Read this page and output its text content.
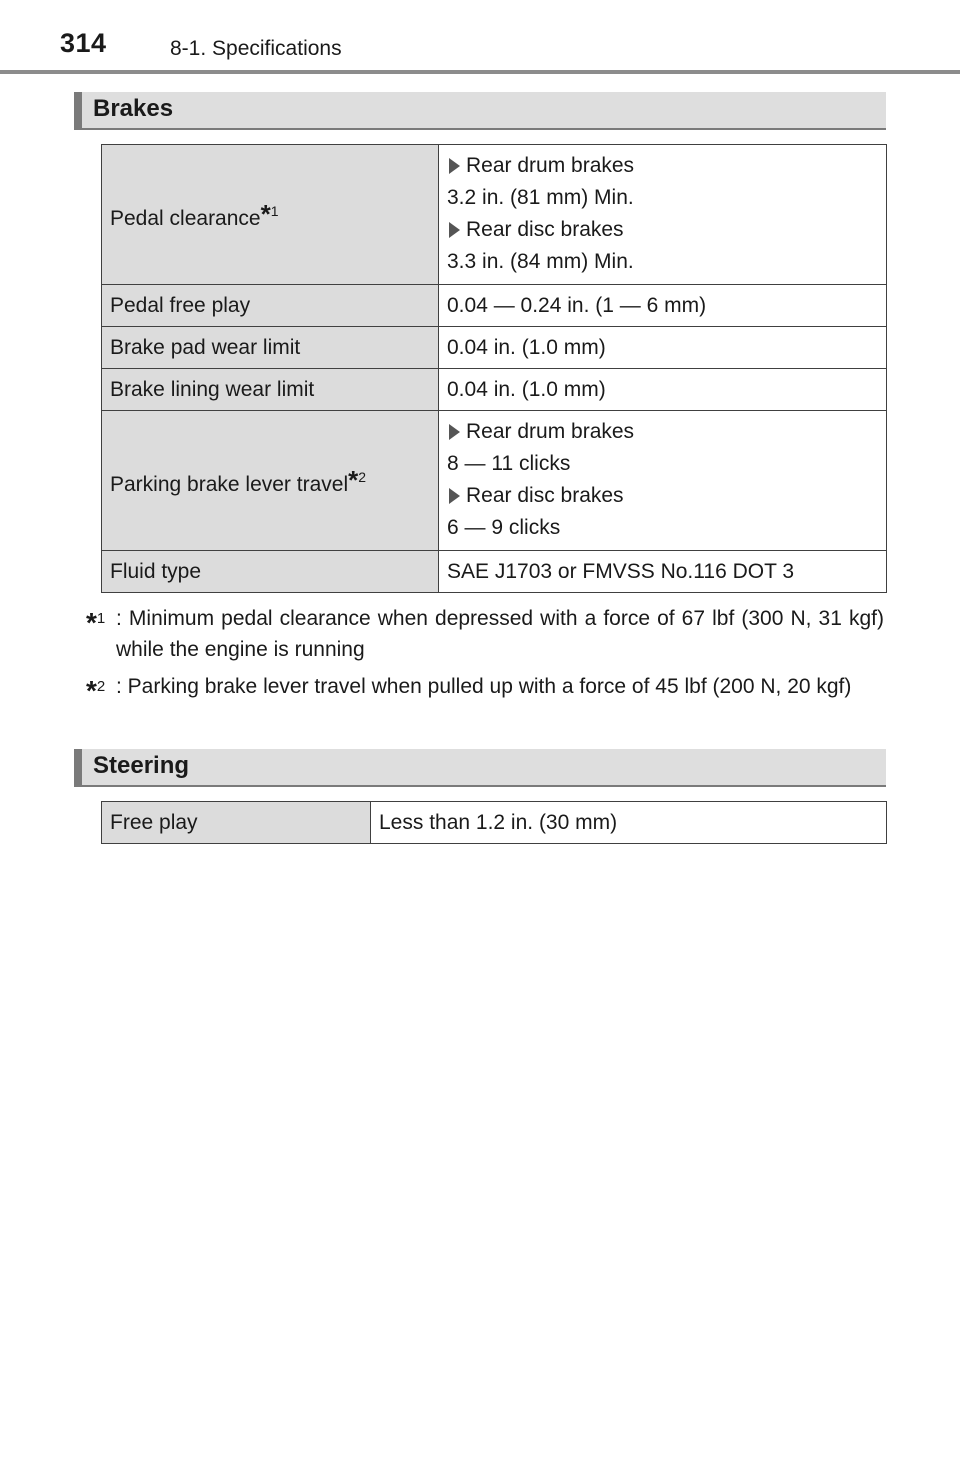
314	8-1. Specifications
Brakes
Pedal clearance*$^1$	Rear drum brakes
3.2 in. (81 mm) Min.
Rear disc brakes
3.3 in. (84 mm) Min.

Pedal free play	0.04 — 0.24 in. (1 — 6 mm)
Brake pad wear limit	0.04 in. (1.0 mm)
Brake lining wear limit	0.04 in. (1.0 mm)
Parking brake lever travel*$^2$	Rear drum brakes
8 — 11 clicks
Rear disc brakes
6 — 9 clicks

Fluid type	SAE J1703 or FMVSS No.116 DOT 3
*$^1$ : Minimum pedal clearance when depressed with a force of 67 lbf (300 N, 31 kgf) while the engine is running
*$^2$ : Parking brake lever travel when pulled up with a force of 45 lbf (200 N, 20 kgf)
Steering
Free play	Less than 1.2 in. (30 mm)
